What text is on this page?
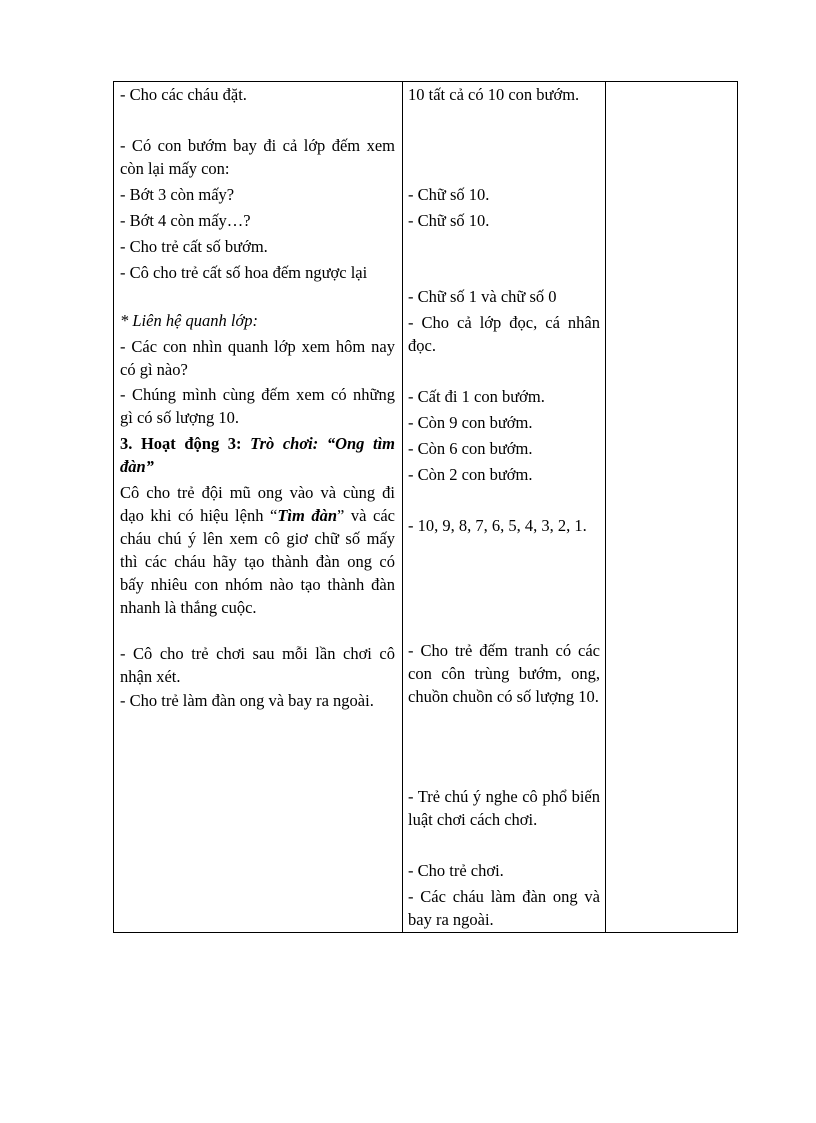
- Cho các cháu đặt.

- Có con bướm bay đi cả lớp đếm xem còn lại mấy con:

- Bớt 3 còn mấy?

- Bớt 4 còn mấy…?

- Cho trẻ cất số bướm.

- Cô cho trẻ cất số hoa đếm ngược lại

* Liên hệ quanh lớp:

- Các con nhìn quanh lớp xem hôm nay có gì nào?

- Chúng mình cùng đếm xem có những gì có số lượng 10.

3. Hoạt động 3: Trò chơi: “Ong tìm đàn”

Cô cho trẻ đội mũ ong vào và cùng đi dạo khi có hiệu lệnh “Tìm đàn” và các cháu chú ý lên xem cô giơ chữ số mấy thì các cháu hãy tạo thành đàn ong có bấy nhiêu con nhóm nào tạo thành đàn nhanh là thắng cuộc.

- Cô cho trẻ chơi sau mỗi lần chơi cô nhận xét.

- Cho trẻ làm đàn ong và bay ra ngoài.

10 tất cả có 10 con bướm.

- Chữ số 10.

- Chữ số 10.

- Chữ số 1 và chữ số 0

- Cho cả lớp đọc, cá nhân đọc.

- Cất đi 1 con bướm.

- Còn 9 con bướm.

- Còn 6 con bướm.

- Còn 2 con bướm.

- 10, 9, 8, 7, 6, 5, 4, 3, 2, 1.

- Cho trẻ đếm tranh có các con côn trùng bướm, ong, chuồn chuồn có số lượng 10.

- Trẻ chú ý nghe cô phổ biến luật chơi cách chơi.

- Cho trẻ chơi.

- Các cháu làm đàn ong và bay ra ngoài.
